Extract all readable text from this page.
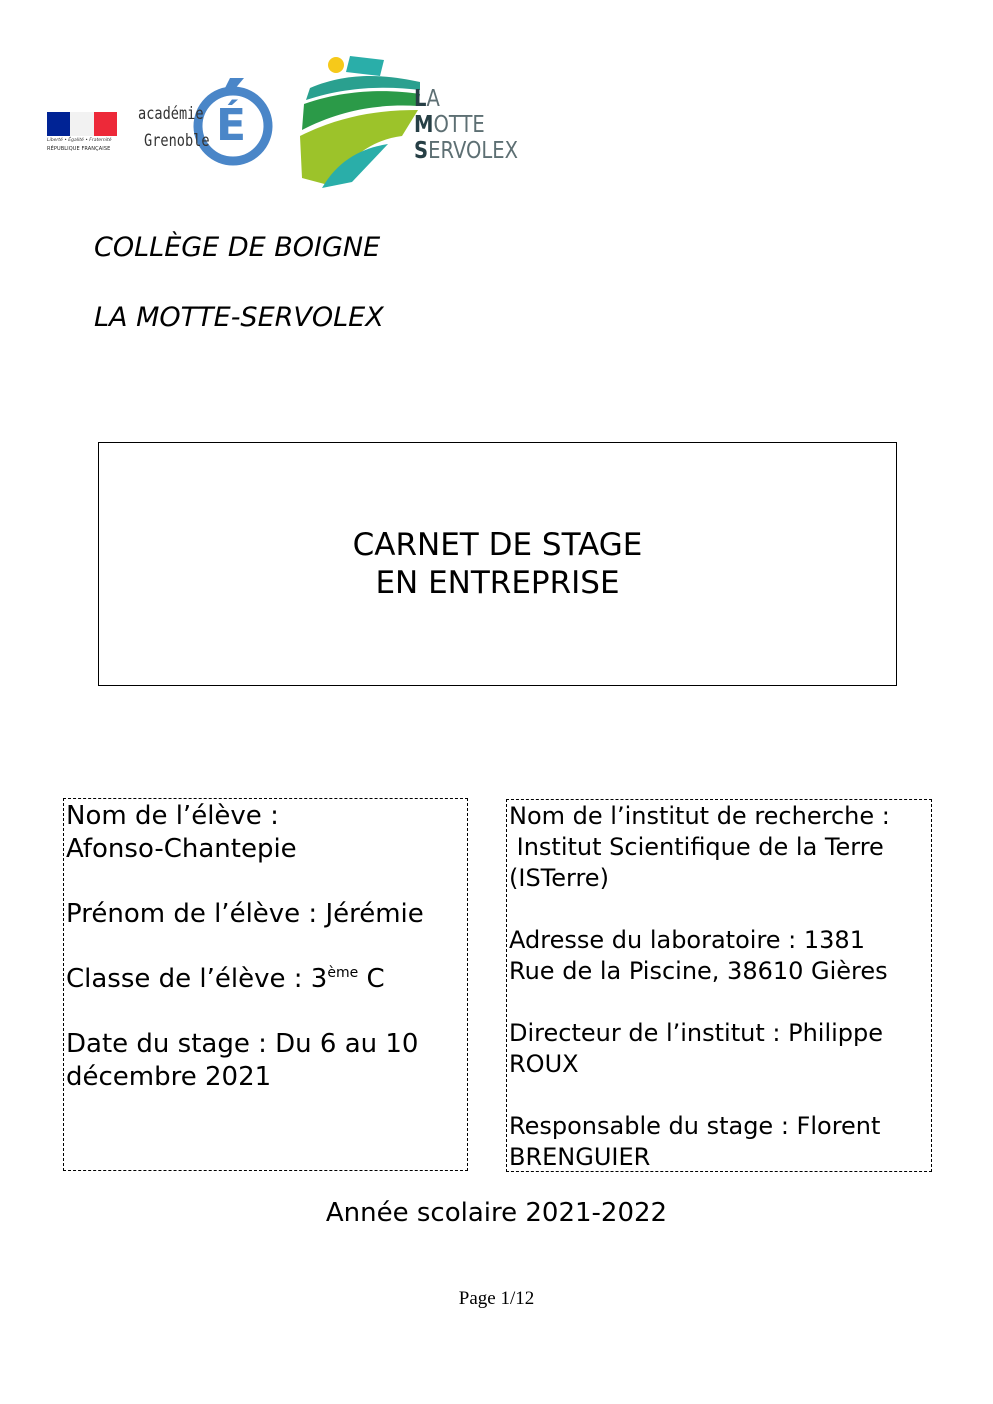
Liberté • Égalité • Fraternité
RÉPUBLIQUE FRANÇAISE É
académie
Grenoble
LA
MOTTE
SERVOLEX
COLLÈGE DE BOIGNE
LA MOTTE-SERVOLEX
CARNET DE STAGE
EN ENTREPRISE
Nom de l’élève :
Afonso-Chantepie
Prénom de l’élève : Jérémie
Classe de l’élève : 3ème C
Date du stage : Du 6 au 10
décembre 2021
Nom de l’institut de recherche :
Institut Scientifique de la Terre
(ISTerre)
Adresse du laboratoire : 1381
Rue de la Piscine, 38610 Gières
Directeur de l’institut : Philippe
ROUX
Responsable du stage : Florent
BRENGUIER
Année scolaire 2021-2022
Page 1/12
